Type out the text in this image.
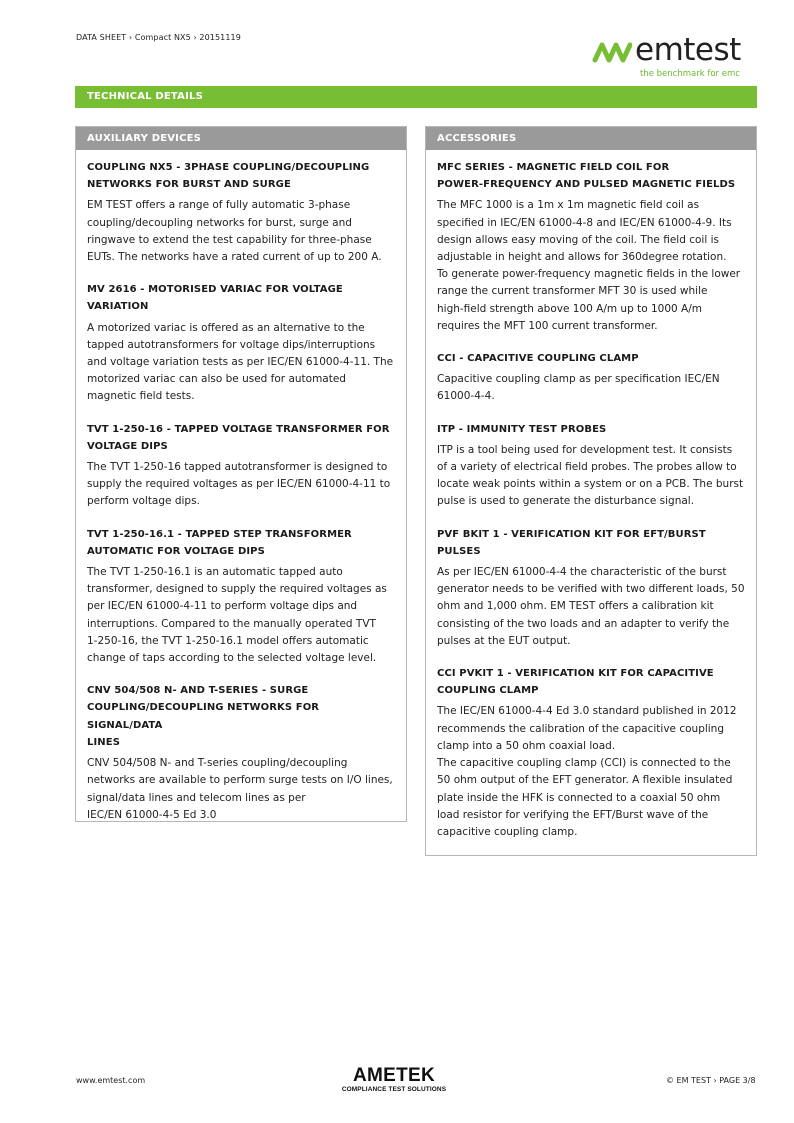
DATA SHEET › Compact NX5 › 20151119	emtest
the benchmark for emc
TECHNICAL DETAILS
AUXILIARY DEVICES

COUPLING NX5 - 3PHASE COUPLING/DECOUPLING
NETWORKS FOR BURST AND SURGE

EM TEST offers a range of fully automatic 3-phase
coupling/decoupling networks for burst, surge and
ringwave to extend the test capability for three-phase
EUTs. The networks have a rated current of up to 200 A.

MV 2616 - MOTORISED VARIAC FOR VOLTAGE VARIATION

A motorized variac is offered as an alternative to the
tapped autotransformers for voltage dips/interruptions
and voltage variation tests as per IEC/EN 61000-4-11. The
motorized variac can also be used for automated
magnetic field tests.

TVT 1-250-16 - TAPPED VOLTAGE TRANSFORMER FOR
VOLTAGE DIPS

The TVT 1-250-16 tapped autotransformer is designed to
supply the required voltages as per IEC/EN 61000-4-11 to
perform voltage dips.

TVT 1-250-16.1 - TAPPED STEP TRANSFORMER
AUTOMATIC FOR VOLTAGE DIPS

The TVT 1-250-16.1 is an automatic tapped auto
transformer, designed to supply the required voltages as
per IEC/EN 61000-4-11 to perform voltage dips and
interruptions. Compared to the manually operated TVT
1-250-16, the TVT 1-250-16.1 model offers automatic
change of taps according to the selected voltage level.

CNV 504/508 N- AND T-SERIES - SURGE
COUPLING/DECOUPLING NETWORKS FOR SIGNAL/DATA
LINES

CNV 504/508 N- and T-series coupling/decoupling
networks are available to perform surge tests on I/O lines,
signal/data lines and telecom lines as per
IEC/EN 61000-4-5 Ed 3.0

ACCESSORIES

MFC SERIES - MAGNETIC FIELD COIL FOR
POWER-FREQUENCY AND PULSED MAGNETIC FIELDS

The MFC 1000 is a 1m x 1m magnetic field coil as
specified in IEC/EN 61000-4-8 and IEC/EN 61000-4-9. Its
design allows easy moving of the coil. The field coil is
adjustable in height and allows for 360degree rotation.
To generate power-frequency magnetic fields in the lower
range the current transformer MFT 30 is used while
high-field strength above 100 A/m up to 1000 A/m
requires the MFT 100 current transformer.

CCI - CAPACITIVE COUPLING CLAMP

Capacitive coupling clamp as per specification IEC/EN
61000-4-4.

ITP - IMMUNITY TEST PROBES

ITP is a tool being used for development test. It consists
of a variety of electrical field probes. The probes allow to
locate weak points within a system or on a PCB. The burst
pulse is used to generate the disturbance signal.

PVF BKIT 1 - VERIFICATION KIT FOR EFT/BURST PULSES

As per IEC/EN 61000-4-4 the characteristic of the burst
generator needs to be verified with two different loads, 50
ohm and 1,000 ohm. EM TEST offers a calibration kit
consisting of the two loads and an adapter to verify the
pulses at the EUT output.

CCI PVKIT 1 - VERIFICATION KIT FOR CAPACITIVE
COUPLING CLAMP

The IEC/EN 61000-4-4 Ed 3.0 standard published in 2012
recommends the calibration of the capacitive coupling
clamp into a 50 ohm coaxial load.
The capacitive coupling clamp (CCI) is connected to the
50 ohm output of the EFT generator. A flexible insulated
plate inside the HFK is connected to a coaxial 50 ohm
load resistor for verifying the EFT/Burst wave of the
capacitive coupling clamp.

www.emtest.com	AMETEK
COMPLIANCE TEST SOLUTIONS
© EM TEST › PAGE 3/8
